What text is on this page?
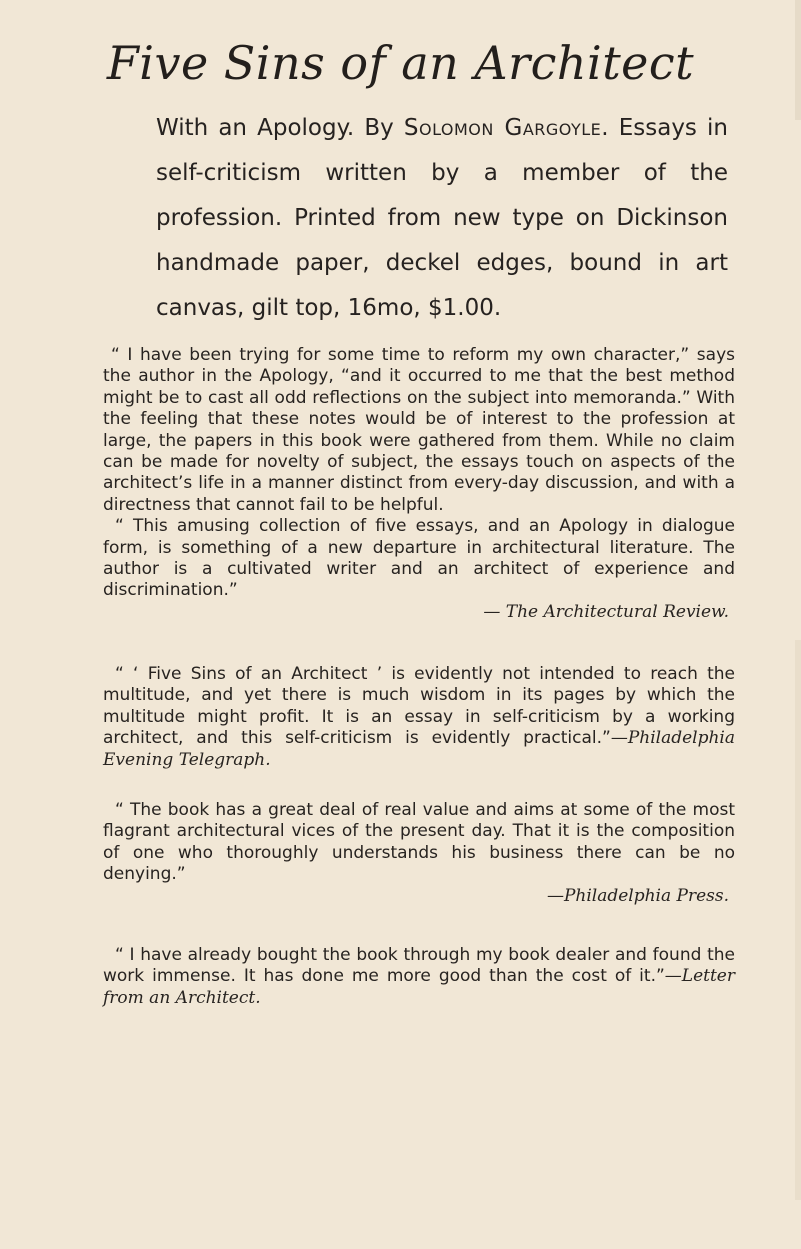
Five Sins of an Architect

With an Apology. By Solomon Gargoyle. Essays in self-criticism written by a member of the profession. Printed from new type on Dickinson handmade paper, deckel edges, bound in art canvas, gilt top, 16mo, $1.00.

“ I have been trying for some time to reform my own character,” says the author in the Apology, “and it occurred to me that the best method might be to cast all odd reflections on the subject into memoranda.” With the feeling that these notes would be of interest to the profession at large, the papers in this book were gathered from them. While no claim can be made for novelty of subject, the essays touch on aspects of the architect’s life in a manner distinct from every-day discussion, and with a directness that cannot fail to be helpful.

“ This amusing collection of five essays, and an Apology in dialogue form, is something of a new departure in architectural literature. The author is a cultivated writer and an architect of experience and discrimination.”

— The Architectural Review.
“ ‘ Five Sins of an Architect ’ is evidently not intended to reach the multitude, and yet there is much wisdom in its pages by which the multitude might profit. It is an essay in self-criticism by a working architect, and this self-criticism is evidently practical.”—Philadelphia Evening Telegraph.
“ The book has a great deal of real value and aims at some of the most flagrant architectural vices of the present day. That it is the composition of one who thoroughly understands his business there can be no denying.”
—Philadelphia Press.
“ I have already bought the book through my book dealer and found the work immense. It has done me more good than the cost of it.”—Letter from an Architect.
